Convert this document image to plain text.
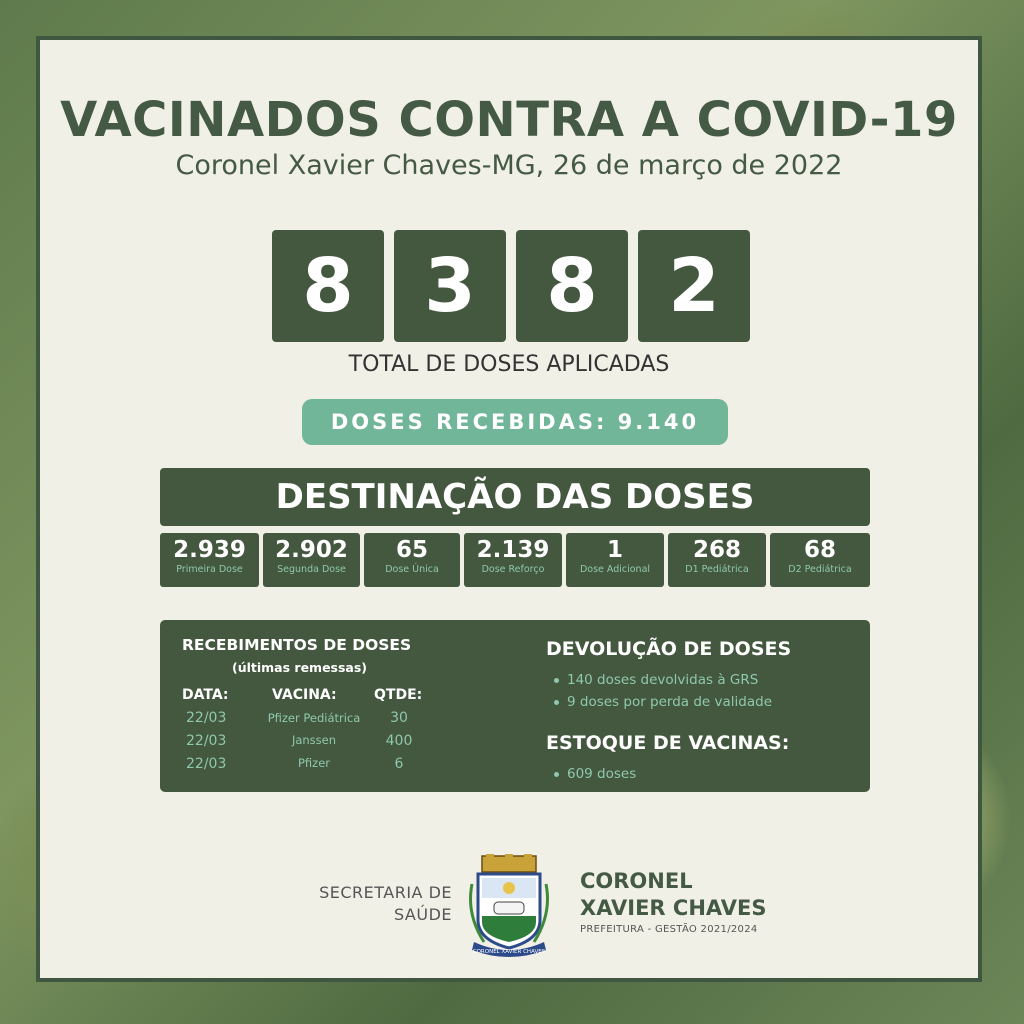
VACINADOS CONTRA A COVID-19
Coronel Xavier Chaves-MG, 26 de março de 2022
8 3 8 2
TOTAL DE DOSES APLICADAS
DOSES RECEBIDAS: 9.140
DESTINAÇÃO DAS DOSES
2.939
Primeira Dose
2.902
Segunda Dose
65
Dose Única
2.139
Dose Reforço
1
Dose Adicional
268
D1 Pediátrica
68
D2 Pediátrica
RECEBIMENTOS DE DOSES
(últimas remessas)
DATA:	VACINA:	QTDE:
22/03	Pfizer Pediátrica	30
22/03	Janssen	400
22/03	Pfizer	6
DEVOLUÇÃO DE DOSES
140 doses devolvidas à GRS
9 doses por perda de validade
ESTOQUE DE VACINAS:
609 doses
SECRETARIA DE
SAÚDE
CORONEL XAVIER CHAVES
CORONEL
XAVIER CHAVES
PREFEITURA - GESTÃO 2021/2024
